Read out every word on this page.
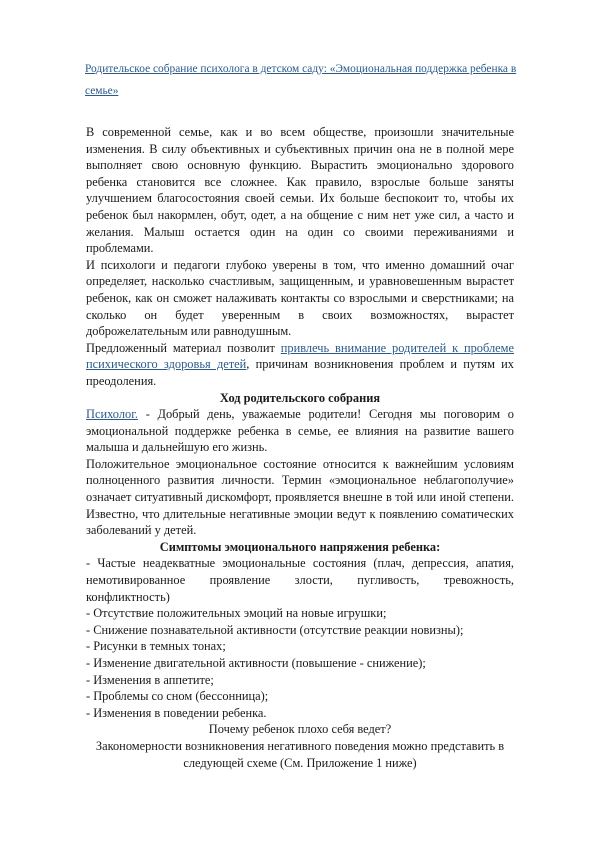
Родительское собрание психолога в детском саду: «Эмоциональная поддержка ребенка в семье»

В современной семье, как и во всем обществе, произошли значительные изменения. В силу объективных и субъективных причин она не в полной мере выполняет свою основную функцию. Вырастить эмоционально здорового ребенка становится все сложнее. Как правило, взрослые больше заняты улучшением благосостояния своей семьи. Их больше беспокоит то, чтобы их ребенок был накормлен, обут, одет, а на общение с ним нет уже сил, а часто и желания. Малыш остается один на один со своими переживаниями и проблемами.

И психологи и педагоги глубоко уверены в том, что именно домашний очаг определяет, насколько счастливым, защищенным, и уравновешенным вырастет ребенок, как он сможет налаживать контакты со взрослыми и сверстниками; на сколько он будет уверенным в своих возможностях, вырастет доброжелательным или равнодушным.

Предложенный материал позволит привлечь внимание родителей к проблеме психического здоровья детей, причинам возникновения проблем и путям их преодоления.

Ход родительского собрания

Психолог. - Добрый день, уважаемые родители! Сегодня мы поговорим о эмоциональной поддержке ребенка в семье, ее влияния на развитие вашего малыша и дальнейшую его жизнь.

Положительное эмоциональное состояние относится к важнейшим условиям полноценного развития личности. Термин «эмоциональное неблагополучие» означает ситуативный дискомфорт, проявляется внешне в той или иной степени. Известно, что длительные негативные эмоции ведут к появлению соматических заболеваний у детей.

Симптомы эмоционального напряжения ребенка:

- Частые неадекватные эмоциональные состояния (плач, депрессия, апатия, немотивированное проявление злости, пугливость, тревожность, конфликтность)

- Отсутствие положительных эмоций на новые игрушки;

- Снижение познавательной активности (отсутствие реакции новизны);

- Рисунки в темных тонах;

- Изменение двигательной активности (повышение - снижение);

- Изменения в аппетите;

- Проблемы со сном (бессонница);

- Изменения в поведении ребенка.

Почему ребенок плохо себя ведет?

Закономерности возникновения негативного поведения можно представить в следующей схеме (См. Приложение 1 ниже)
